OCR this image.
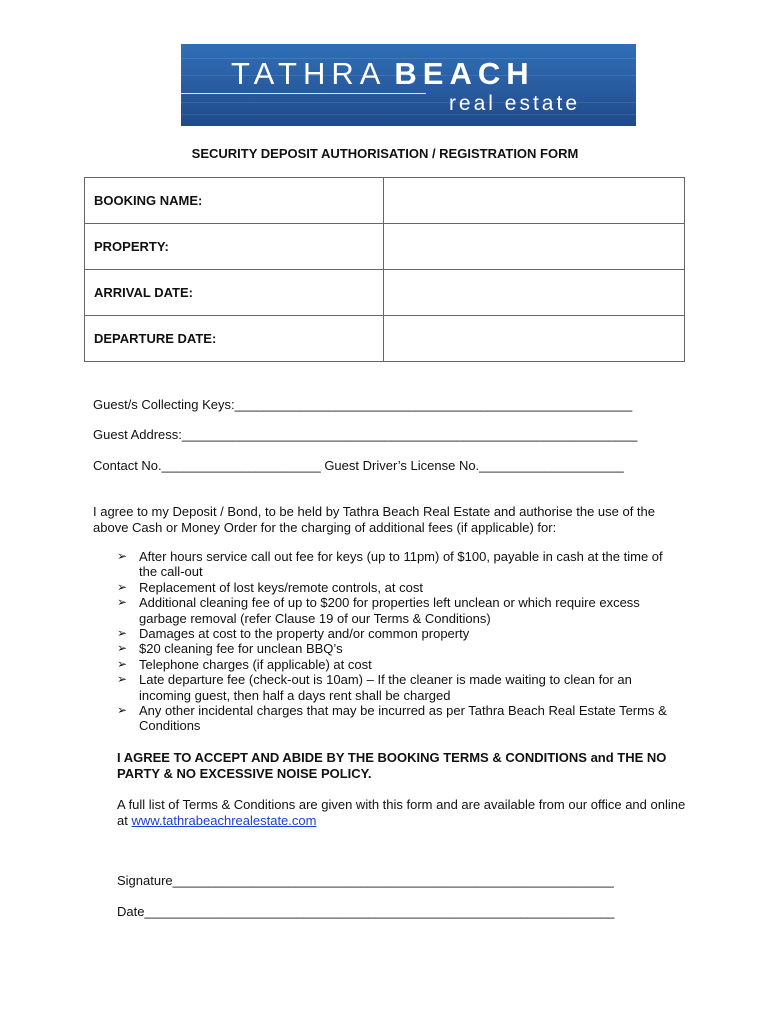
TATHRA BEACH
real estate
SECURITY DEPOSIT AUTHORISATION / REGISTRATION FORM
BOOKING NAME:	
PROPERTY:	
ARRIVAL DATE:	
DEPARTURE DATE:	
Guest/s Collecting Keys:_______________________________________________________
Guest Address:_______________________________________________________________
Contact No.______________________ Guest Driver’s License No.____________________
I agree to my Deposit / Bond, to be held by Tathra Beach Real Estate and authorise the use of the above Cash or Money Order for the charging of additional fees (if applicable) for:
➢ After hours service call out fee for keys (up to 11pm) of $100, payable in cash at the time of the call-out
➢ Replacement of lost keys/remote controls, at cost
➢ Additional cleaning fee of up to $200 for properties left unclean or which require excess garbage removal (refer Clause 19 of our Terms & Conditions)
➢ Damages at cost to the property and/or common property
➢ $20 cleaning fee for unclean BBQ’s
➢ Telephone charges (if applicable) at cost
➢ Late departure fee (check-out is 10am) – If the cleaner is made waiting to clean for an incoming guest, then half a days rent shall be charged
➢ Any other incidental charges that may be incurred as per Tathra Beach Real Estate Terms & Conditions
I AGREE TO ACCEPT AND ABIDE BY THE BOOKING TERMS & CONDITIONS and THE NO PARTY & NO EXCESSIVE NOISE POLICY.
A full list of Terms & Conditions are given with this form and are available from our office and online at www.tathrabeachrealestate.com
Signature_____________________________________________________________
Date_________________________________________________________________
